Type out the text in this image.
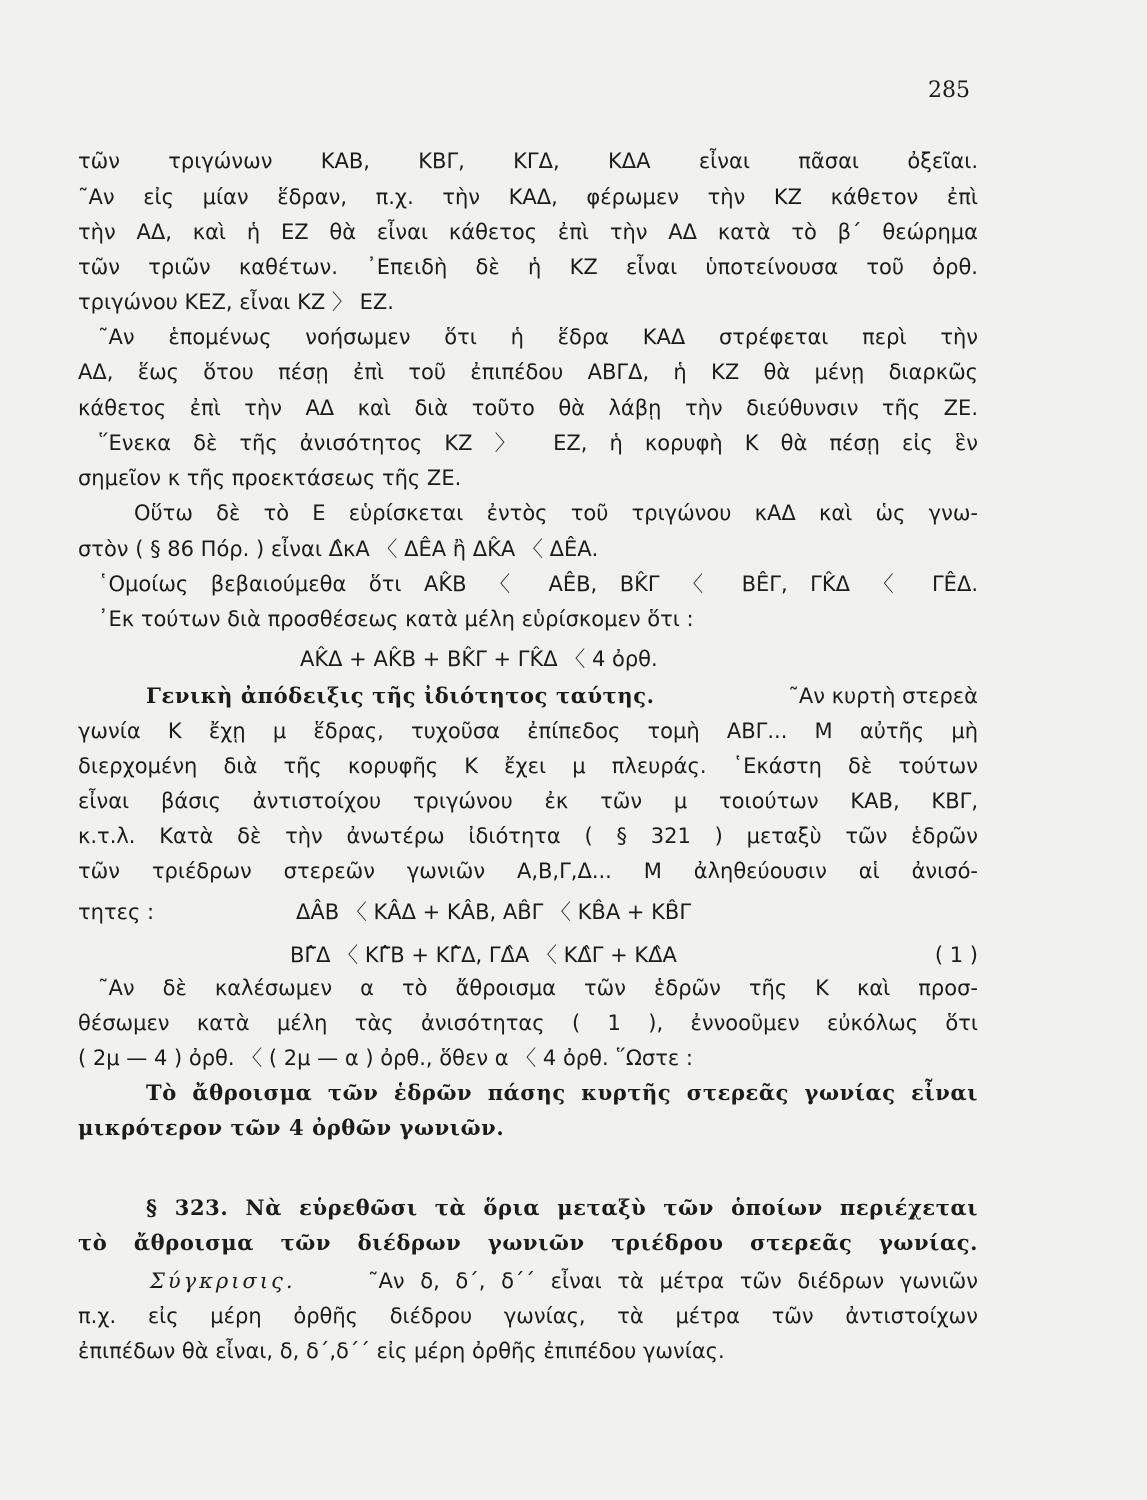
285
τῶν τριγώνων ΚΑΒ, ΚΒΓ, ΚΓΔ, ΚΔΑ εἶναι πᾶσαι ὀξεῖαι.
˜Αν εἰς μίαν ἕδραν, π.χ. τὴν ΚΑΔ, φέρωμεν τὴν ΚΖ κάθετον ἐπὶ
τὴν ΑΔ, καὶ ἡ ΕΖ θὰ εἶναι κάθετος ἐπὶ τὴν ΑΔ κατὰ τὸ β΄ θεώρημα
τῶν τριῶν καθέτων. ᾿Επειδὴ δὲ ἡ ΚΖ εἶναι ὑποτείνουσα τοῦ ὀρθ.
τριγώνου ΚΕΖ, εἶναι ΚΖ 〉 ΕΖ.
˜Αν ἑπομένως νοήσωμεν ὅτι ἡ ἕδρα ΚΑΔ στρέφεται περὶ τὴν
ΑΔ, ἕως ὅτου πέσῃ ἐπὶ τοῦ ἐπιπέδου ΑΒΓΔ, ἡ ΚΖ θὰ μένῃ διαρκῶς
κάθετος ἐπὶ τὴν ΑΔ καὶ διὰ τοῦτο θὰ λάβῃ τὴν διεύθυνσιν τῆς ΖΕ.
῞Ενεκα δὲ τῆς ἀνισότητος ΚΖ 〉 ΕΖ, ἡ κορυφὴ Κ θὰ πέσῃ εἰς ἓν
σημεῖον κ τῆς προεκτάσεως τῆς ΖΕ.
Οὕτω δὲ τὸ Ε εὑρίσκεται ἐντὸς τοῦ τριγώνου κΑΔ καὶ ὡς γνω-
στὸν ( § 86 Πόρ. ) εἶναι Δ̂κΑ 〈 ΔÊΑ ἢ ΔK̂Α 〈 ΔÊΑ.
῾Ομοίως βεβαιούμεθα ὅτι ΑK̂Β 〈 ΑÊΒ, ΒK̂Γ 〈 ΒÊΓ, ΓK̂Δ 〈 ΓÊΔ.
᾿Εκ τούτων διὰ προσθέσεως κατὰ μέλη εὑρίσκομεν ὅτι :
ΑK̂Δ + ΑK̂Β + ΒK̂Γ + ΓK̂Δ 〈 4 ὀρθ.
Γενικὴ ἀπόδειξις τῆς ἰδιότητος ταύτης.	˜Αν κυρτὴ στερεὰ
γωνία Κ ἔχῃ μ ἕδρας, τυχοῦσα ἐπίπεδος τομὴ ΑΒΓ... Μ αὐτῆς μὴ
διερχομένη διὰ τῆς κορυφῆς Κ ἔχει μ πλευράς. ῾Εκάστη δὲ τούτων
εἶναι βάσις ἀντιστοίχου τριγώνου ἐκ τῶν μ τοιούτων ΚΑΒ, ΚΒΓ,
κ.τ.λ. Κατὰ δὲ τὴν ἀνωτέρω ἰδιότητα ( § 321 ) μεταξὺ τῶν ἑδρῶν
τῶν τριέδρων στερεῶν γωνιῶν Α,Β,Γ,Δ... Μ ἀληθεύουσιν αἱ ἀνισό-
τητες :	ΔÂΒ 〈 ΚÂΔ + ΚÂΒ, ΑB̂Γ 〈 ΚB̂Α + ΚB̂Γ
ΒΓ̂Δ 〈 ΚΓ̂Β + ΚΓ̂Δ, ΓΔ̂Α 〈 ΚΔ̂Γ + ΚΔ̂Α	( 1 )
˜Αν δὲ καλέσωμεν α τὸ ἄθροισμα τῶν ἑδρῶν τῆς Κ καὶ προσ-
θέσωμεν κατὰ μέλη τὰς ἀνισότητας ( 1 ), ἐννοοῦμεν εὐκόλως ὅτι
( 2μ — 4 ) ὀρθ. 〈 ( 2μ — α ) ὀρθ., ὅθεν α 〈 4 ὀρθ. ῞Ωστε :
Τὸ ἄθροισμα τῶν ἑδρῶν πάσης κυρτῆς στερεᾶς γωνίας εἶναι
μικρότερον τῶν 4 ὀρθῶν γωνιῶν.
§ 323. Νὰ εὑρεθῶσι τὰ ὅρια μεταξὺ τῶν ὁποίων περιέχεται
τὸ ἄθροισμα τῶν διέδρων γωνιῶν τριέδρου στερεᾶς γωνίας.
Σύγκρισις.	˜Αν δ, δ΄, δ΄΄ εἶναι τὰ μέτρα τῶν διέδρων γωνιῶν
π.χ. εἰς μέρη ὀρθῆς διέδρου γωνίας, τὰ μέτρα τῶν ἀντιστοίχων
ἐπιπέδων θὰ εἶναι, δ, δ΄,δ΄΄ εἰς μέρη ὀρθῆς ἐπιπέδου γωνίας.
